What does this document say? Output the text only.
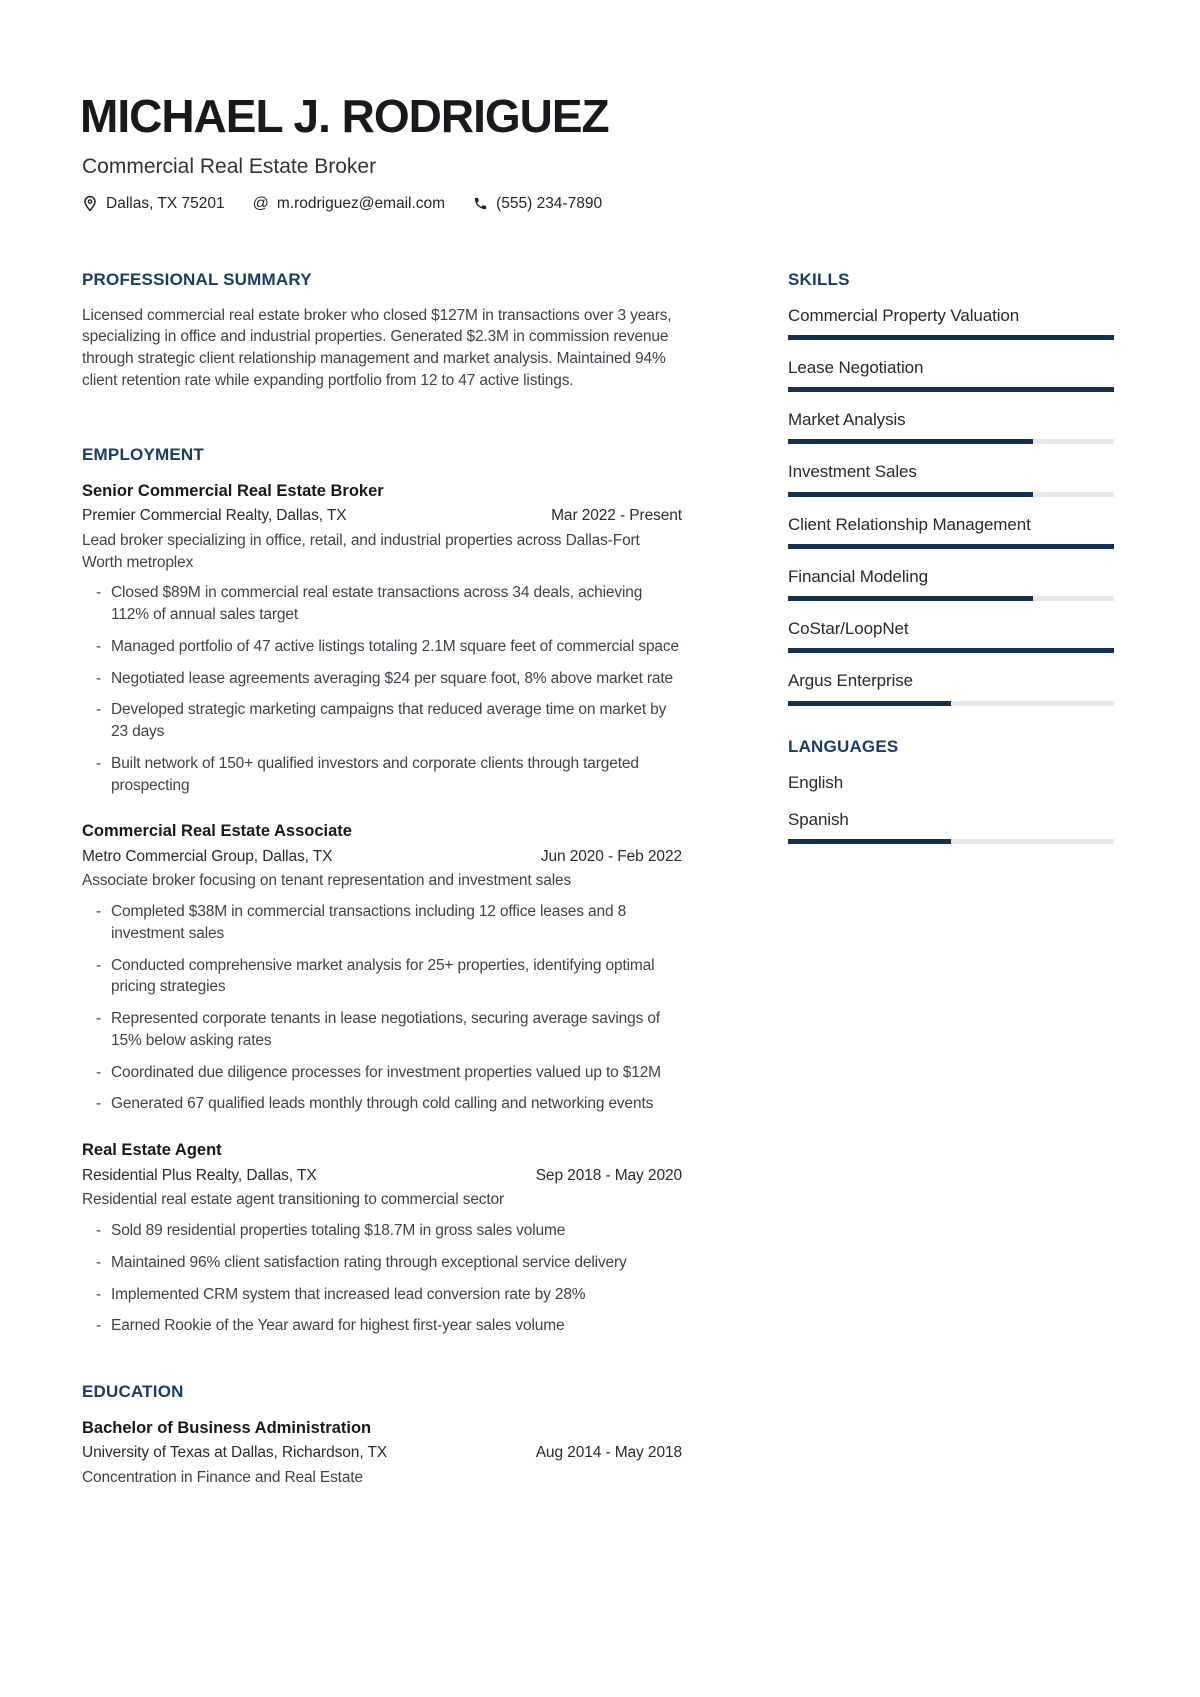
MICHAEL J. RODRIGUEZ
Commercial Real Estate Broker
Dallas, TX 75201 @ m.rodriguez@email.com	(555) 234-7890
PROFESSIONAL SUMMARY

Licensed commercial real estate broker who closed $127M in transactions over 3 years, specializing in office and industrial properties. Generated $2.3M in commission revenue through strategic client relationship management and market analysis. Maintained 94% client retention rate while expanding portfolio from 12 to 47 active listings.

EMPLOYMENT
Senior Commercial Real Estate Broker
Premier Commercial Realty, Dallas, TX	Mar 2022 - Present

Lead broker specializing in office, retail, and industrial properties across Dallas-Fort Worth metroplex

- Closed $89M in commercial real estate transactions across 34 deals, achieving 112% of annual sales target
- Managed portfolio of 47 active listings totaling 2.1M square feet of commercial space
- Negotiated lease agreements averaging $24 per square foot, 8% above market rate
- Developed strategic marketing campaigns that reduced average time on market by 23 days
- Built network of 150+ qualified investors and corporate clients through targeted prospecting
Commercial Real Estate Associate
Metro Commercial Group, Dallas, TX	Jun 2020 - Feb 2022

Associate broker focusing on tenant representation and investment sales

- Completed $38M in commercial transactions including 12 office leases and 8 investment sales
- Conducted comprehensive market analysis for 25+ properties, identifying optimal pricing strategies
- Represented corporate tenants in lease negotiations, securing average savings of 15% below asking rates
- Coordinated due diligence processes for investment properties valued up to $12M
- Generated 67 qualified leads monthly through cold calling and networking events
Real Estate Agent
Residential Plus Realty, Dallas, TX	Sep 2018 - May 2020

Residential real estate agent transitioning to commercial sector

- Sold 89 residential properties totaling $18.7M in gross sales volume
- Maintained 96% client satisfaction rating through exceptional service delivery
- Implemented CRM system that increased lead conversion rate by 28%
- Earned Rookie of the Year award for highest first-year sales volume
EDUCATION
Bachelor of Business Administration
University of Texas at Dallas, Richardson, TX	Aug 2014 - May 2018

Concentration in Finance and Real Estate

SKILLS
Commercial Property Valuation
Lease Negotiation
Market Analysis
Investment Sales
Client Relationship Management
Financial Modeling
CoStar/LoopNet
Argus Enterprise
LANGUAGES
English
Spanish
